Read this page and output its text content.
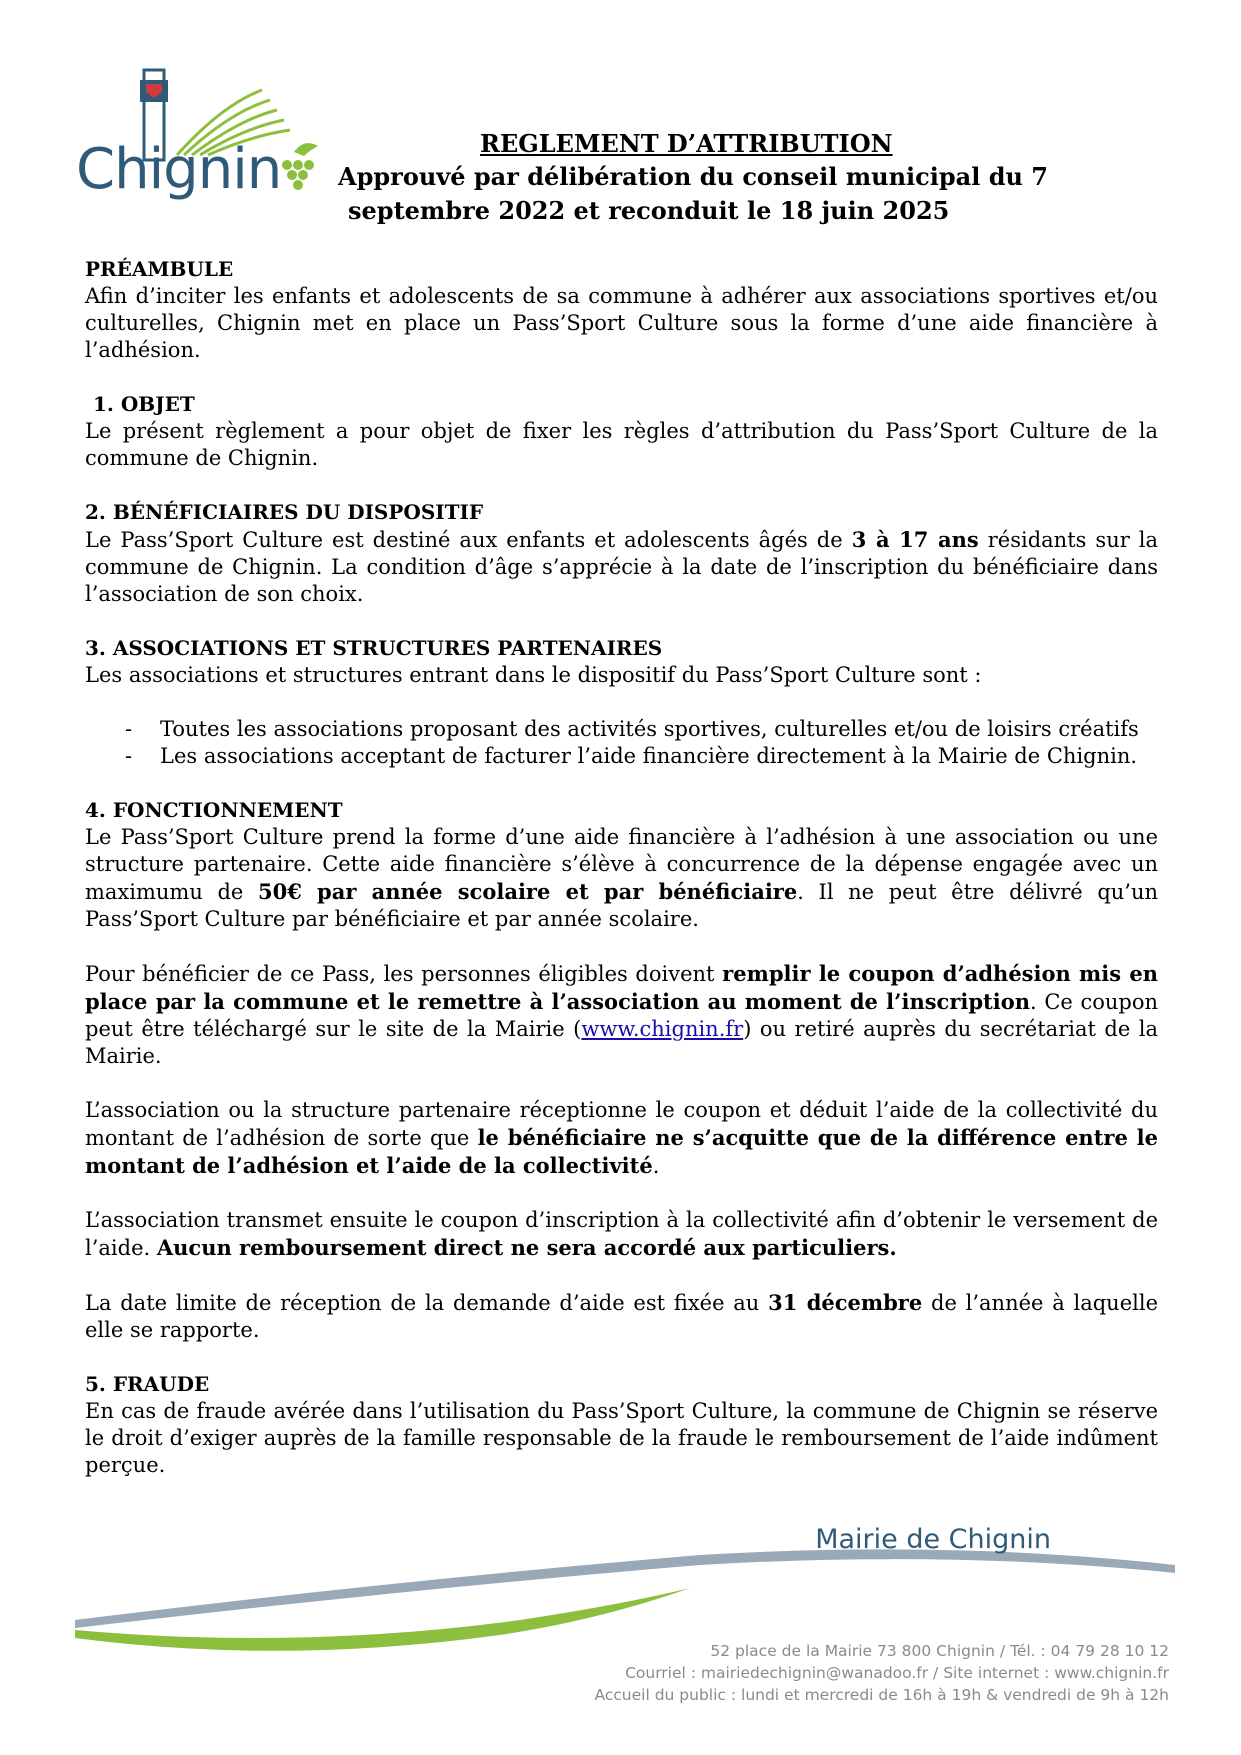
Chignin	REGLEMENT D’ATTRIBUTION
Approuvé par délibération du conseil municipal du 7
septembre 2022 et reconduit le 18 juin 2025
PRÉAMBULE

Afin d’inciter les enfants et adolescents de sa commune à adhérer aux associations sportives et/ou culturelles, Chignin met en place un Pass’Sport Culture sous la forme d’une aide financière à l’adhésion.

1. OBJET

Le présent règlement a pour objet de fixer les règles d’attribution du Pass’Sport Culture de la commune de Chignin.

2. BÉNÉFICIAIRES DU DISPOSITIF

Le Pass’Sport Culture est destiné aux enfants et adolescents âgés de 3 à 17 ans résidants sur la commune de Chignin. La condition d’âge s’apprécie à la date de l’inscription du bénéficiaire dans l’association de son choix.

3. ASSOCIATIONS ET STRUCTURES PARTENAIRES

Les associations et structures entrant dans le dispositif du Pass’Sport Culture sont :

- Toutes les associations proposant des activités sportives, culturelles et/ou de loisirs créatifs
- Les associations acceptant de facturer l’aide financière directement à la Mairie de Chignin.
4. FONCTIONNEMENT

Le Pass’Sport Culture prend la forme d’une aide financière à l’adhésion à une association ou une structure partenaire. Cette aide financière s’élève à concurrence de la dépense engagée avec un maximumu de 50€ par année scolaire et par bénéficiaire. Il ne peut être délivré qu’un Pass’Sport Culture par bénéficiaire et par année scolaire.

Pour bénéficier de ce Pass, les personnes éligibles doivent remplir le coupon d’adhésion mis en place par la commune et le remettre à l’association au moment de l’inscription. Ce coupon peut être téléchargé sur le site de la Mairie (www.chignin.fr) ou retiré auprès du secrétariat de la Mairie.

L’association ou la structure partenaire réceptionne le coupon et déduit l’aide de la collectivité du montant de l’adhésion de sorte que le bénéficiaire ne s’acquitte que de la différence entre le montant de l’adhésion et l’aide de la collectivité.

L’association transmet ensuite le coupon d’inscription à la collectivité afin d’obtenir le versement de l’aide. Aucun remboursement direct ne sera accordé aux particuliers.

La date limite de réception de la demande d’aide est fixée au 31 décembre de l’année à laquelle elle se rapporte.

5. FRAUDE

En cas de fraude avérée dans l’utilisation du Pass’Sport Culture, la commune de Chignin se réserve le droit d’exiger auprès de la famille responsable de la fraude le remboursement de l’aide indûment perçue.

Mairie de Chignin
52 place de la Mairie 73 800 Chignin / Tél. : 04 79 28 10 12
Courriel : mairiedechignin@wanadoo.fr / Site internet : www.chignin.fr
Accueil du public : lundi et mercredi de 16h à 19h & vendredi de 9h à 12h
